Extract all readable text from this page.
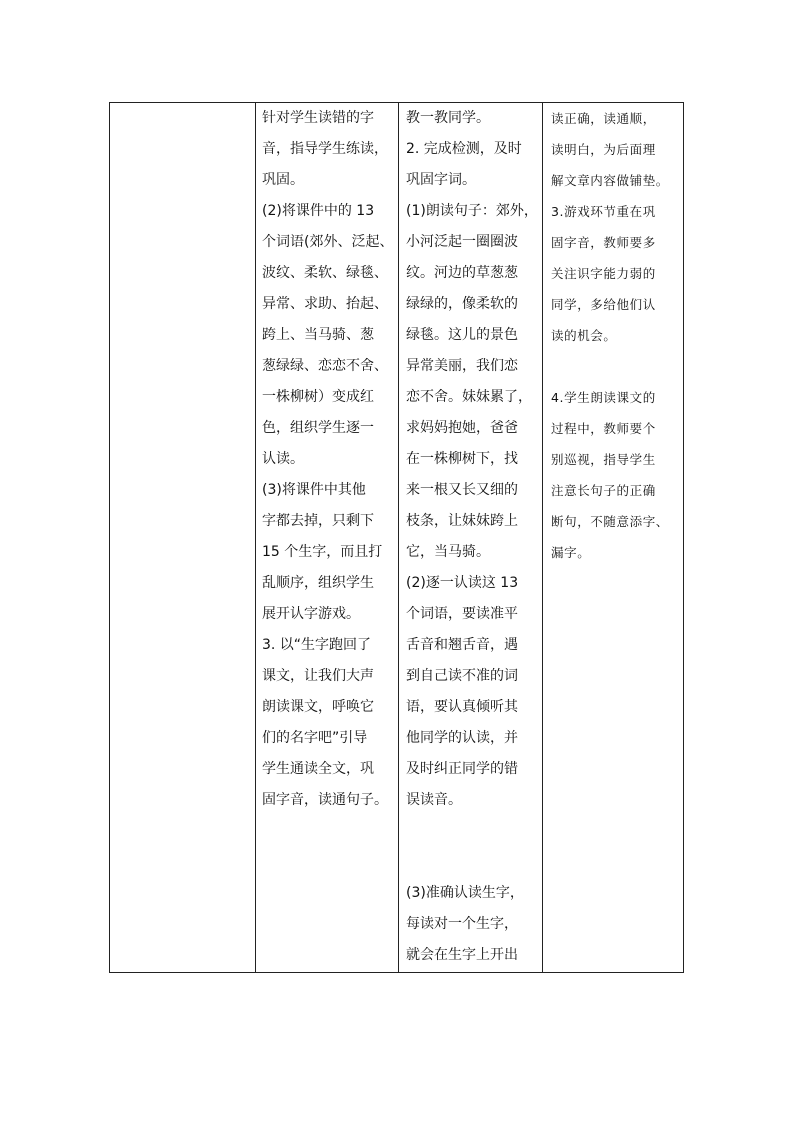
针对学生读错的字
音，指导学生练读，
巩固。
(2)将课件中的 13
个词语(郊外、泛起、
波纹、柔软、绿毯、
异常、求助、抬起、
跨上、当马骑、葱
葱绿绿、恋恋不舍、
一株柳树）变成红
色，组织学生逐一
认读。
(3)将课件中其他
字都去掉，只剩下
15 个生字，而且打
乱顺序，组织学生
展开认字游戏。
3. 以“生字跑回了
课文，让我们大声
朗读课文，呼唤它
们的名字吧”引导
学生通读全文，巩
固字音，读通句子。
教一教同学。
2. 完成检测，及时
巩固字词。
(1)朗读句子：郊外，
小河泛起一圈圈波
纹。河边的草葱葱
绿绿的，像柔软的
绿毯。这儿的景色
异常美丽，我们恋
恋不舍。妹妹累了，
求妈妈抱她，爸爸
在一株柳树下，找
来一根又长又细的
枝条，让妹妹跨上
它，当马骑。
(2)逐一认读这 13
个词语，要读准平
舌音和翘舌音，遇
到自己读不准的词
语，要认真倾听其
他同学的认读，并
及时纠正同学的错
误读音。
(3)准确认读生字，
每读对一个生字，
就会在生字上开出
读正确，读通顺，
读明白，为后面理
解文章内容做铺垫。
3.游戏环节重在巩
固字音，教师要多
关注识字能力弱的
同学，多给他们认
读的机会。
4.学生朗读课文的
过程中，教师要个
别巡视，指导学生
注意长句子的正确
断句，不随意添字、
漏字。
